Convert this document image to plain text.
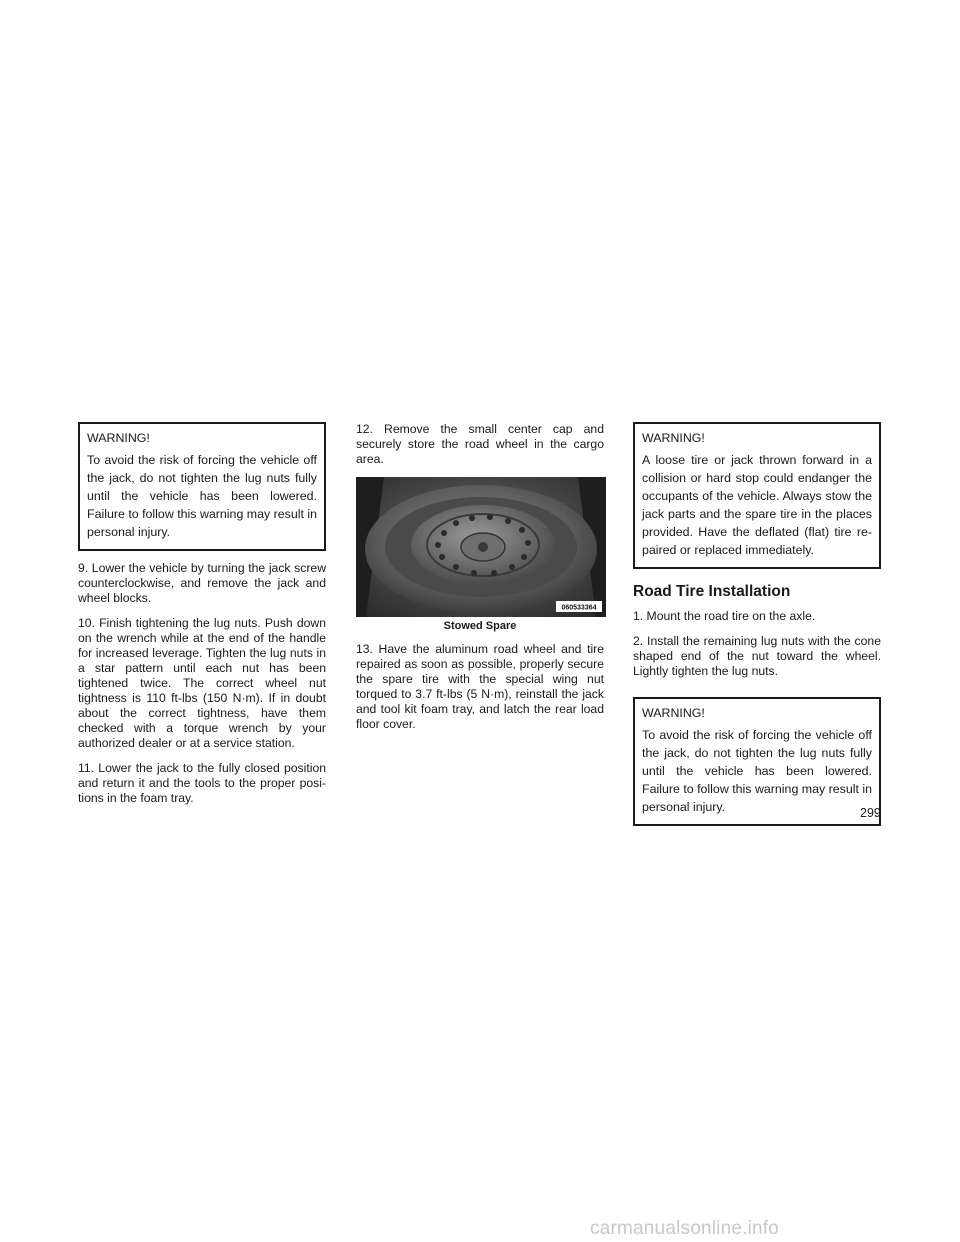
WARNING!

To avoid the risk of forcing the vehicle off the jack, do not tighten the lug nuts fully until the vehicle has been lowered. Failure to follow this warning may result in personal injury.

9. Lower the vehicle by turning the jack screw counterclockwise, and remove the jack and wheel blocks.

10. Finish tightening the lug nuts. Push down on the wrench while at the end of the handle for increased leverage. Tighten the lug nuts in a star pattern until each nut has been tightened twice. The correct wheel nut tightness is 110 ft-lbs (150 N·m). If in doubt about the correct tightness, have them checked with a torque wrench by your authorized dealer or at a service station.

11. Lower the jack to the fully closed position and return it and the tools to the proper posi-tions in the foam tray.

12. Remove the small center cap and securely store the road wheel in the cargo area.

060533364
Stowed Spare

13. Have the aluminum road wheel and tire repaired as soon as possible, properly secure the spare tire with the special wing nut torqued to 3.7 ft-lbs (5 N·m), reinstall the jack and tool kit foam tray, and latch the rear load floor cover.

WARNING!

A loose tire or jack thrown forward in a collision or hard stop could endanger the occupants of the vehicle. Always stow the jack parts and the spare tire in the places provided. Have the deflated (flat) tire re-paired or replaced immediately.

Road Tire Installation

1. Mount the road tire on the axle.

2. Install the remaining lug nuts with the cone shaped end of the nut toward the wheel. Lightly tighten the lug nuts.

WARNING!

To avoid the risk of forcing the vehicle off the jack, do not tighten the lug nuts fully until the vehicle has been lowered. Failure to follow this warning may result in personal injury.	299
carmanualsonline.info
